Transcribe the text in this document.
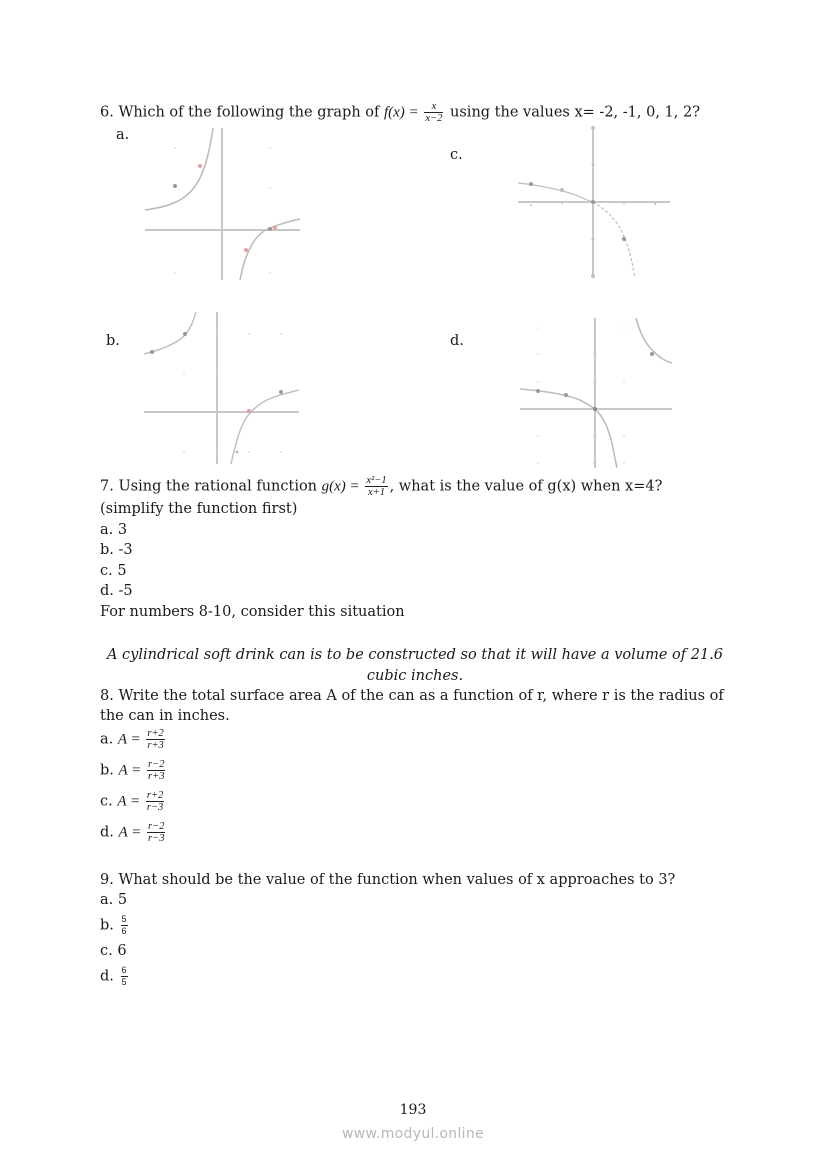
6. Which of the following the graph of $f(x) = \frac{x}{x-2}$ using the values x= -2, -1, 0, 1, 2?
a.
c.
b.	d.
7. Using the rational function $g(x) = \frac{\text{x²−1}}{x+1}$ , what is the value of g(x) when x=4?
(simplify the function first)
a. 3
b. -3
c. 5
d. -5
For numbers 8-10, consider this situation
A cylindrical soft drink can is to be constructed so that it will have a volume of 21.6
cubic inches.
8. Write the total surface area A of the can as a function of r, where r is the radius of
the can in inches.
a. $A = \frac{r+2}{r+3}$
b. $A = \frac{r-2}{r+3}$
c. $A = \frac{r+2}{r-3}$
d. $A = \frac{r-2}{r-3}$
9. What should be the value of the function when values of x approaches to 3?
a. 5
b. $\frac{5}{6}$
c. 6
d. $\frac{6}{5}$
193
www.modyul.online
